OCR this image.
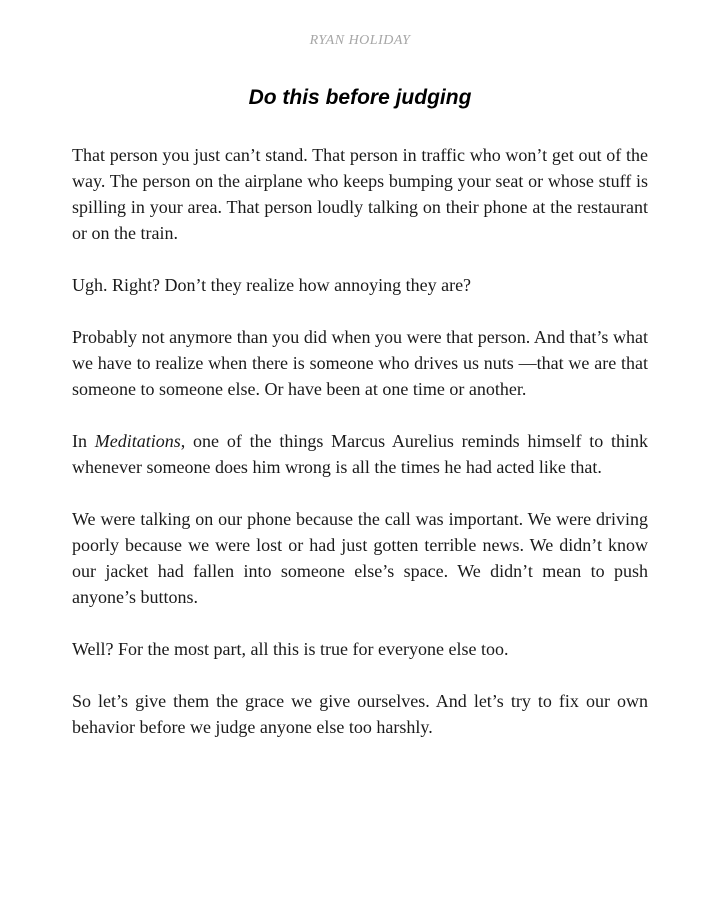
RYAN HOLIDAY
Do this before judging

That person you just can’t stand. That person in traffic who won’t get out of the way. The person on the airplane who keeps bumping your seat or whose stuff is spilling in your area. That person loudly talking on their phone at the restaurant or on the train.

Ugh. Right? Don’t they realize how annoying they are?

Probably not anymore than you did when you were that person. And that’s what we have to realize when there is someone who drives us nuts —that we are that someone to someone else. Or have been at one time or another.

In Meditations, one of the things Marcus Aurelius reminds himself to think whenever someone does him wrong is all the times he had acted like that.

We were talking on our phone because the call was important. We were driving poorly because we were lost or had just gotten terrible news. We didn’t know our jacket had fallen into someone else’s space. We didn’t mean to push anyone’s buttons.

Well? For the most part, all this is true for everyone else too.

So let’s give them the grace we give ourselves. And let’s try to fix our own behavior before we judge anyone else too harshly.
